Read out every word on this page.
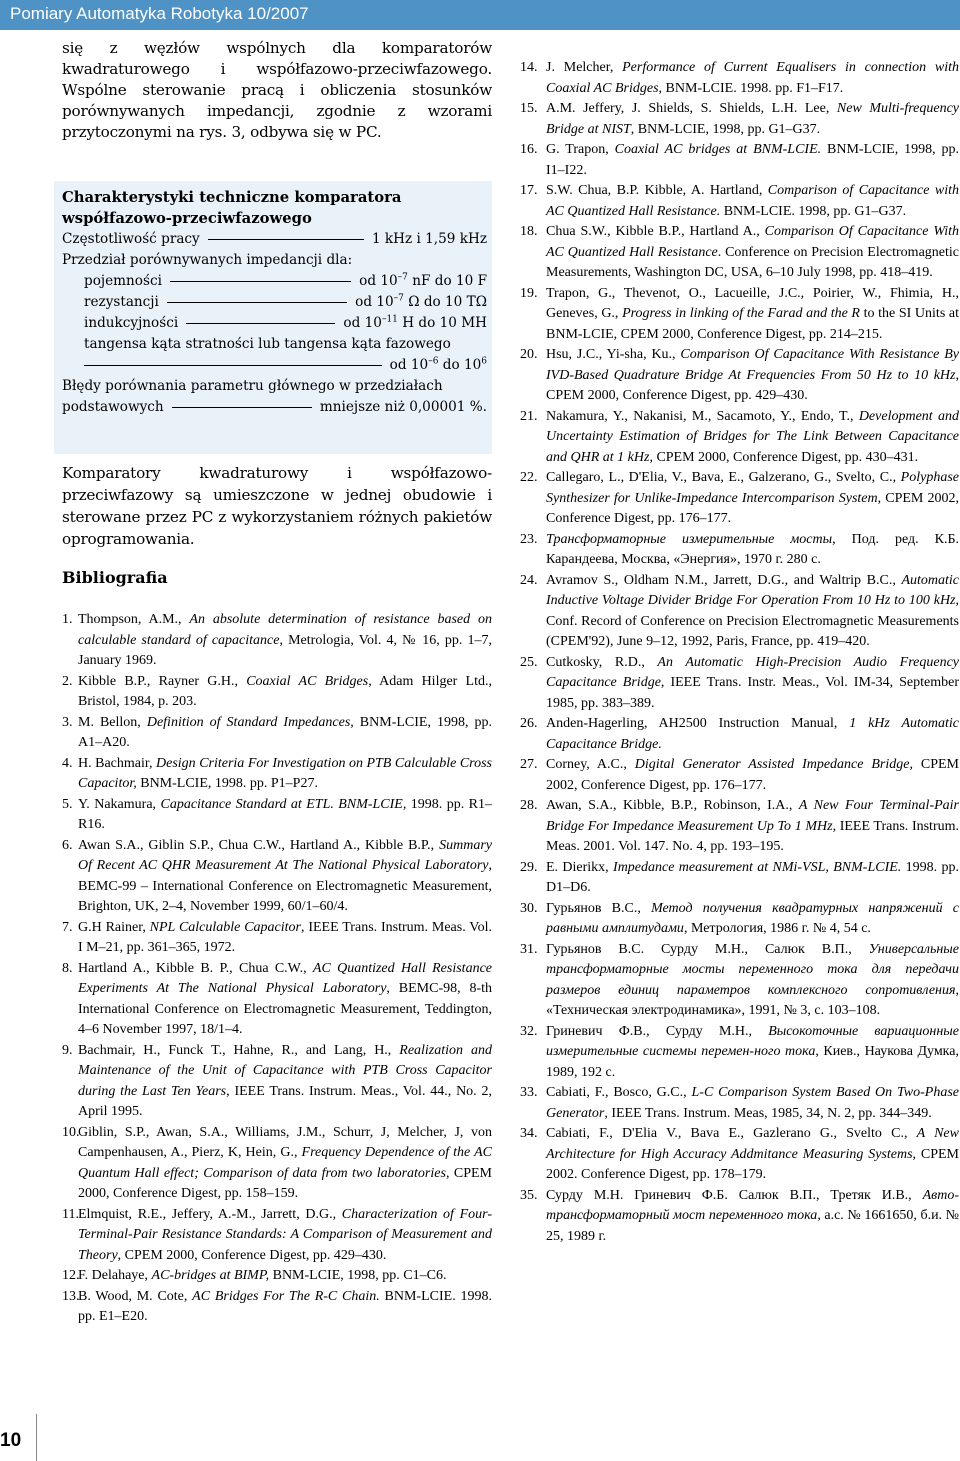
Pomiary Automatyka Robotyka 10/2007

się z węzłów wspólnych dla komparatorów kwadraturowego i współfazowo-przeciwfazowego. Wspólne sterowanie pracą i obliczenia stosunków porównywanych impedancji, zgodnie z wzorami przytoczonymi na rys. 3, odbywa się w PC.

Charakterystyki techniczne komparatora współfazowo-przeciwfazowego
Częstotliwość pracy	1 kHz i 1,59 kHz
Przedział porównywanych impedancji dla:
pojemności	od $10^{-7}$ nF do 10 F
rezystancji	od $10^{-7}$ Ω do 10 TΩ
indukcyjności	od $10^{-11}$ H do 10 MH
tangensa kąta stratności lub tangensa kąta fazowego
od $10^{-6}$ do $10^6$
Błędy porównania parametru głównego w przedziałach
podstawowych	mniejsze niż 0,00001 %.

Komparatory kwadraturowy i współfazowo-przeciwfazowy są umieszczone w jednej obudowie i sterowane przez PC z wykorzystaniem różnych pakietów oprogramowania.

Bibliografia
1. Thompson, A.M., An absolute determination of resistance based on calculable standard of capacitance, Metrologia, Vol. 4, № 16, pp. 1–7, January 1969.
2. Kibble B.P., Rayner G.H., Coaxial AC Bridges, Adam Hilger Ltd., Bristol, 1984, p. 203.
3. M. Bellon, Definition of Standard Impedances, BNM-LCIE, 1998, pp. A1–A20.
4. H. Bachmair, Design Criteria For Investigation on PTB Calculable Cross Capacitor, BNM-LCIE, 1998. pp. P1–P27.
5. Y. Nakamura, Capacitance Standard at ETL. BNM-LCIE, 1998. pp. R1–R16.
6. Awan S.A., Giblin S.P., Chua C.W., Hartland A., Kibble B.P., Summary Of Recent AC QHR Measurement At The National Physical Laboratory, BEMC-99 – International Conference on Electromagnetic Measurement, Brighton, UK, 2–4, November 1999, 60/1–60/4.
7. G.H Rainer, NPL Calculable Capacitor, IEEE Trans. Instrum. Meas. Vol. I M–21, pp. 361–365, 1972.
8. Hartland A., Kibble B. P., Chua C.W., AC Quantized Hall Resistance Experiments At The National Physical Laboratory, BEMC-98, 8-th International Conference on Electromagnetic Measurement, Teddington, 4–6 November 1997, 18/1–4.
9. Bachmair, H., Funck T., Hahne, R., and Lang, H., Realization and Maintenance of the Unit of Capacitance with PTB Cross Capacitor during the Last Ten Years, IEEE Trans. Instrum. Meas., Vol. 44., No. 2, April 1995.
10.
Giblin, S.P., Awan, S.A., Williams, J.M., Schurr, J, Melcher, J, von Campenhausen, A., Pierz, K, Hein, G., Frequency Dependence of the AC Quantum Hall effect; Comparison of data from two laboratories, CPEM 2000, Conference Digest, pp. 158–159.
11. Elmquist, R.E., Jeffery, A.-M., Jarrett, D.G., Characterization of Four-Terminal-Pair Resistance Standards: A Comparison of Measurement and Theory, CPEM 2000, Conference Digest, pp. 429–430.
12.
F. Delahaye, AC-bridges at BIMP, BNM-LCIE, 1998, pp. C1–C6.
13.
B. Wood, M. Cote, AC Bridges For The R-C Chain. BNM-LCIE. 1998. pp. E1–E20.
14. J. Melcher, Performance of Current Equalisers in connection with Coaxial AC Bridges, BNM-LCIE. 1998. pp. F1–F17.
15. A.M. Jeffery, J. Shields, S. Shields, L.H. Lee, New Multi-frequency Bridge at NIST, BNM-LCIE, 1998, pp. G1–G37.
16. G. Trapon, Coaxial AC bridges at BNM-LCIE. BNM-LCIE, 1998, pp. I1–I22.
17. S.W. Chua, B.P. Kibble, A. Hartland, Comparison of Capacitance with AC Quantized Hall Resistance. BNM-LCIE. 1998, pp. G1–G37.
18. Chua S.W., Kibble B.P., Hartland A., Comparison Of Capacitance With AC Quantized Hall Resistance. Conference on Precision Electromagnetic Measurements, Washington DC, USA, 6–10 July 1998, pp. 418–419.
19. Trapon, G., Thevenot, O., Lacueille, J.C., Poirier, W., Fhimia, H., Geneves, G., Progress in linking of the Farad and the R to the SI Units at BNM-LCIE, CPEM 2000, Conference Digest, pp. 214–215.
20. Hsu, J.C., Yi-sha, Ku., Comparison Of Capacitance With Resistance By IVD-Based Quadrature Bridge At Frequencies From 50 Hz to 10 kHz, CPEM 2000, Conference Digest, pp. 429–430.
21. Nakamura, Y., Nakanisi, M., Sacamoto, Y., Endo, T., Development and Uncertainty Estimation of Bridges for The Link Between Capacitance and QHR at 1 kHz, CPEM 2000, Conference Digest, pp. 430–431.
22. Callegaro, L., D'Elia, V., Bava, E., Galzerano, G., Svelto, C., Polyphase Synthesizer for Unlike-Impedance Intercomparison System, CPEM 2002, Conference Digest, pp. 176–177.
23. Трансформаторные измерительные мосты, Под. ред. К.Б. Карандеева, Москва, «Энергия», 1970 г. 280 с.
24. Avramov S., Oldham N.M., Jarrett, D.G., and Waltrip B.C., Automatic Inductive Voltage Divider Bridge For Operation From 10 Hz to 100 kHz, Conf. Record of Conference on Precision Electromagnetic Measurements (CPEM'92), June 9–12, 1992, Paris, France, pp. 419–420.
25. Cutkosky, R.D., An Automatic High-Precision Audio Frequency Capacitance Bridge, IEEE Trans. Instr. Meas., Vol. IM-34, September 1985, pp. 383–389.
26. Anden-Hagerling, AH2500 Instruction Manual, 1 kHz Automatic Capacitance Bridge.
27. Corney, A.C., Digital Generator Assisted Impedance Bridge, CPEM 2002, Conference Digest, pp. 176–177.
28. Awan, S.A., Kibble, B.P., Robinson, I.A., A New Four Terminal-Pair Bridge For Impedance Measurement Up To 1 MHz, IEEE Trans. Instrum. Meas. 2001. Vol. 147. No. 4, pp. 193–195.
29. E. Dierikx, Impedance measurement at NMi-VSL, BNM-LCIE. 1998. pp. D1–D6.
30. Гурьянов В.С., Метод получения квадратурных напряжений с равными амплитудами, Метрология, 1986 г. № 4, 54 с.
31. Гурьянов В.С. Сурду М.Н., Салюк В.П., Универсальные трансформаторные мосты переменного тока для передачи размеров единиц параметров комплексного сопротивления, «Техническая электродинамика», 1991, № 3, с. 103–108.
32. Гриневич Ф.В., Сурду М.Н., Высокоточные вариационные измерительные системы перемен-ного тока, Киев., Наукова Думка, 1989, 192 с.
33. Cabiati, F., Bosco, G.C., L-C Comparison System Based On Two-Phase Generator, IEEE Trans. Instrum. Meas, 1985, 34, N. 2, pp. 344–349.
34. Cabiati, F., D'Elia V., Bava E., Gazlerano G., Svelto C., A New Architecture for High Accuracy Addmitance Measuring Systems, CPEM 2002. Conference Digest, pp. 178–179.
35. Сурду М.Н. Гриневич Ф.Б. Салюк В.П., Третяк И.В., Авто-трансформаторный мост переменного тока, а.с. № 1661650, б.и. № 25, 1989 г.
10
